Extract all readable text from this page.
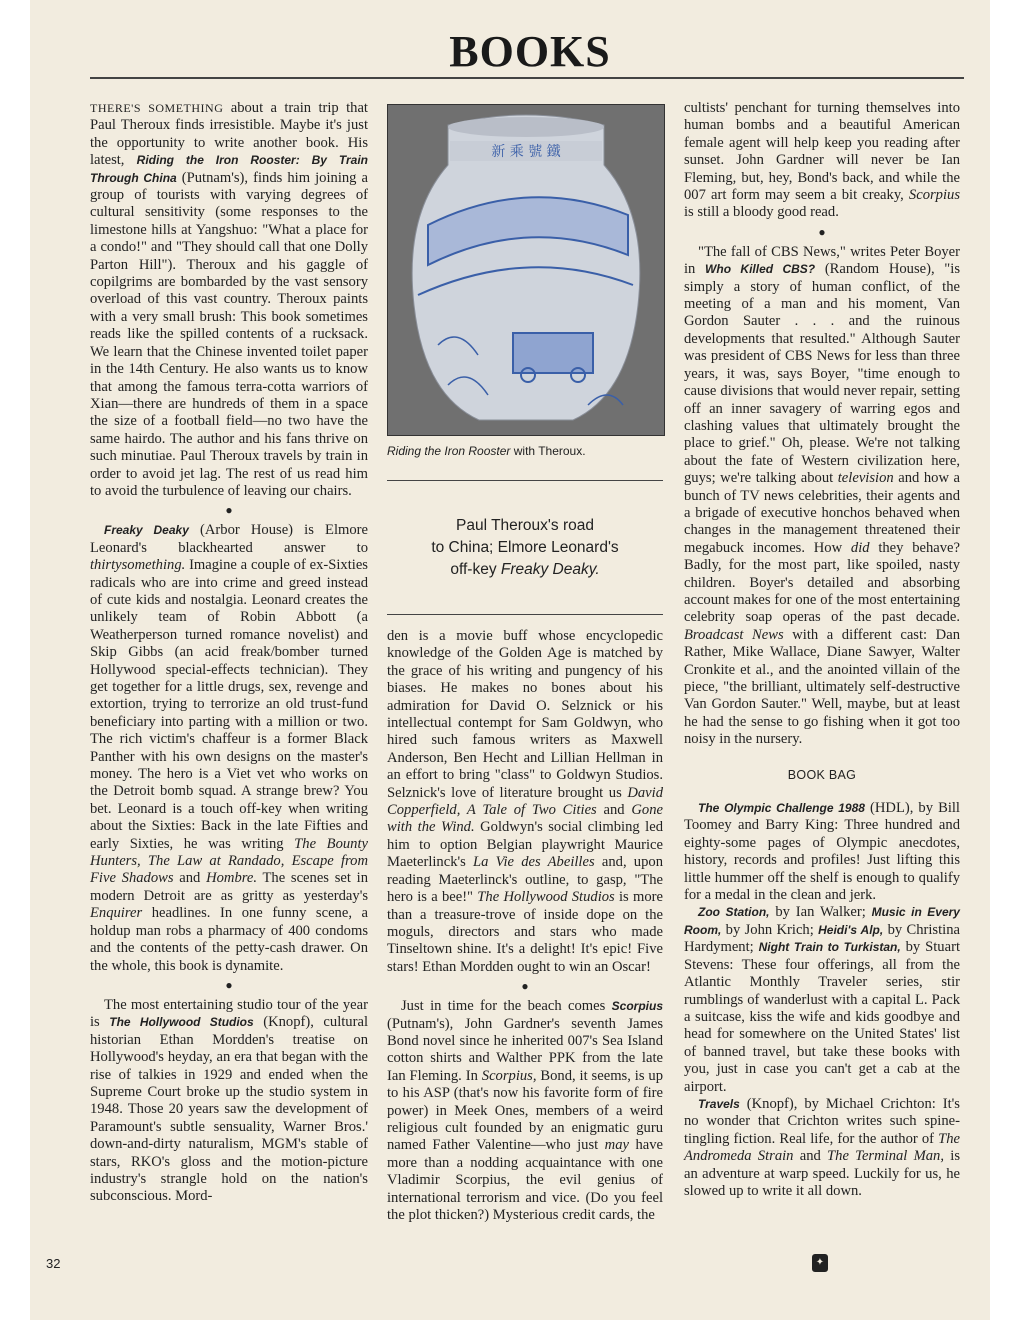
BOOKS

THERE'S SOMETHING about a train trip that Paul Theroux finds irresistible. Maybe it's just the opportunity to write another book. His latest, Riding the Iron Rooster: By Train Through China (Putnam's), finds him joining a group of tourists with varying degrees of cultural sensitivity (some responses to the limestone hills at Yangshuo: "What a place for a condo!" and "They should call that one Dolly Parton Hill"). Theroux and his gaggle of copilgrims are bombarded by the vast sensory overload of this vast country. Theroux paints with a very small brush: This book sometimes reads like the spilled contents of a rucksack. We learn that the Chinese invented toilet paper in the 14th Century. He also wants us to know that among the famous terra-cotta warriors of Xian—there are hundreds of them in a space the size of a football field—no two have the same hairdo. The author and his fans thrive on such minutiae. Paul Theroux travels by train in order to avoid jet lag. The rest of us read him to avoid the turbulence of leaving our chairs.

●

Freaky Deaky (Arbor House) is Elmore Leonard's blackhearted answer to thirtysomething. Imagine a couple of ex-Sixties radicals who are into crime and greed instead of cute kids and nostalgia. Leonard creates the unlikely team of Robin Abbott (a Weatherperson turned romance novelist) and Skip Gibbs (an acid freak/bomber turned Hollywood special-effects technician). They get together for a little drugs, sex, revenge and extortion, trying to terrorize an old trust-fund beneficiary into parting with a million or two. The rich victim's chaffeur is a former Black Panther with his own designs on the master's money. The hero is a Viet vet who works on the Detroit bomb squad. A strange brew? You bet. Leonard is a touch off-key when writing about the Sixties: Back in the late Fifties and early Sixties, he was writing The Bounty Hunters, The Law at Randado, Escape from Five Shadows and Hombre. The scenes set in modern Detroit are as gritty as yesterday's Enquirer headlines. In one funny scene, a holdup man robs a pharmacy of 400 condoms and the contents of the petty-cash drawer. On the whole, this book is dynamite.

●

The most entertaining studio tour of the year is The Hollywood Studios (Knopf), cultural historian Ethan Mordden's treatise on Hollywood's heyday, an era that began with the rise of talkies in 1929 and ended when the Supreme Court broke up the studio system in 1948. Those 20 years saw the development of Paramount's subtle sensuality, Warner Bros.' down-and-dirty naturalism, MGM's stable of stars, RKO's gloss and the motion-picture industry's strangle hold on the nation's subconscious. Mord-

新 乘 號 鐵
Riding the Iron Rooster with Theroux.
Paul Theroux's road
to China; Elmore Leonard's
off-key Freaky Deaky.

den is a movie buff whose encyclopedic knowledge of the Golden Age is matched by the grace of his writing and pungency of his biases. He makes no bones about his admiration for David O. Selznick or his intellectual contempt for Sam Goldwyn, who hired such famous writers as Maxwell Anderson, Ben Hecht and Lillian Hellman in an effort to bring "class" to Goldwyn Studios. Selznick's love of literature brought us David Copperfield, A Tale of Two Cities and Gone with the Wind. Goldwyn's social climbing led him to option Belgian playwright Maurice Maeterlinck's La Vie des Abeilles and, upon reading Maeterlinck's outline, to gasp, "The hero is a bee!" The Hollywood Studios is more than a treasure-trove of inside dope on the moguls, directors and stars who made Tinseltown shine. It's a delight! It's epic! Five stars! Ethan Mordden ought to win an Oscar!

●

Just in time for the beach comes Scorpius (Putnam's), John Gardner's seventh James Bond novel since he inherited 007's Sea Island cotton shirts and Walther PPK from the late Ian Fleming. In Scorpius, Bond, it seems, is up to his ASP (that's now his favorite form of fire power) in Meek Ones, members of a weird religious cult founded by an enigmatic guru named Father Valentine—who just may have more than a nodding acquaintance with one Vladimir Scorpius, the evil genius of international terrorism and vice. (Do you feel the plot thicken?) Mysterious credit cards, the

cultists' penchant for turning themselves into human bombs and a beautiful American female agent will help keep you reading after sunset. John Gardner will never be Ian Fleming, but, hey, Bond's back, and while the 007 art form may seem a bit creaky, Scorpius is still a bloody good read.

●

"The fall of CBS News," writes Peter Boyer in Who Killed CBS? (Random House), "is simply a story of human conflict, of the meeting of a man and his moment, Van Gordon Sauter . . . and the ruinous developments that resulted." Although Sauter was president of CBS News for less than three years, it was, says Boyer, "time enough to cause divisions that would never repair, setting off an inner savagery of warring egos and clashing values that ultimately brought the place to grief." Oh, please. We're not talking about the fate of Western civilization here, guys; we're talking about television and how a bunch of TV news celebrities, their agents and a brigade of executive honchos behaved when changes in the management threatened their megabuck incomes. How did they behave? Badly, for the most part, like spoiled, nasty children. Boyer's detailed and absorbing account makes for one of the most entertaining celebrity soap operas of the past decade. Broadcast News with a different cast: Dan Rather, Mike Wallace, Diane Sawyer, Walter Cronkite et al., and the anointed villain of the piece, "the brilliant, ultimately self-destructive Van Gordon Sauter." Well, maybe, but at least he had the sense to go fishing when it got too noisy in the nursery.

BOOK BAG

The Olympic Challenge 1988 (HDL), by Bill Toomey and Barry King: Three hundred and eighty-some pages of Olympic anecdotes, history, records and profiles! Just lifting this little hummer off the shelf is enough to qualify for a medal in the clean and jerk.

Zoo Station, by Ian Walker; Music in Every Room, by John Krich; Heidi's Alp, by Christina Hardyment; Night Train to Turkistan, by Stuart Stevens: These four offerings, all from the Atlantic Monthly Traveler series, stir rumblings of wanderlust with a capital L. Pack a suitcase, kiss the wife and kids goodbye and head for somewhere on the United States' list of banned travel, but take these books with you, just in case you can't get a cab at the airport.

Travels (Knopf), by Michael Crichton: It's no wonder that Crichton writes such spine-tingling fiction. Real life, for the author of The Andromeda Strain and The Terminal Man, is an adventure at warp speed. Luckily for us, he slowed up to write it all down.

32	✦
